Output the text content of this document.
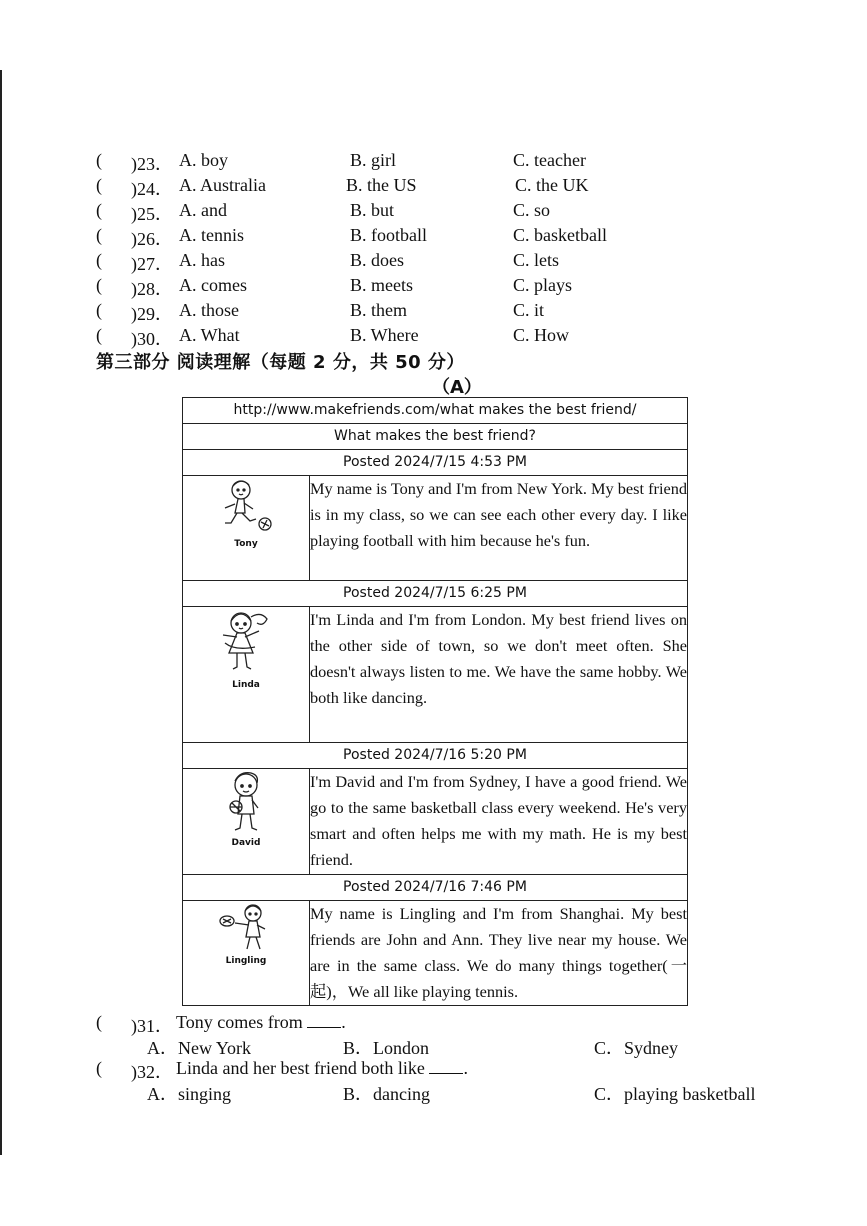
( )23． A. boy	B. girl	C. teacher
( )24． A. Australia	B. the US	C. the UK
( )25． A. and	B. but	C. so
( )26． A. tennis	B. football	C. basketball
( )27． A. has	B. does	C. lets
( )28． A. comes	B. meets	C. plays
( )29． A. those	B. them	C. it
( )30． A. What	B. Where	C. How
第三部分 阅读理解（每题 2 分，共 50 分）
（A）
http://www.makefriends.com/what makes the best friend/	
What makes the best friend?	
Posted 2024/7/15 4:53 PM	

Tony	My name is Tony and I'm from New York. My best friend is in my class, so we can see each other every day. I like playing football with him because he's fun.
Posted 2024/7/15 6:25 PM	

Linda	I'm Linda and I'm from London. My best friend lives on the other side of town, so we don't meet often. She doesn't always listen to me. We have the same hobby. We both like dancing.
Posted 2024/7/16 5:20 PM	

David	I'm David and I'm from Sydney, I have a good friend. We go to the same basketball class every weekend. He's very smart and often helps me with my math. He is my best friend.
Posted 2024/7/16 7:46 PM	

Lingling	My name is Lingling and I'm from Shanghai. My best friends are John and Ann. They live near my house. We are in the same class. We do many things together(一起)，We all like playing tennis.
( )31． Tony comes from .
A．New York	B．London	C．Sydney
( )32． Linda and her best friend both like .
A．singing	B．dancing	C．playing basketball
